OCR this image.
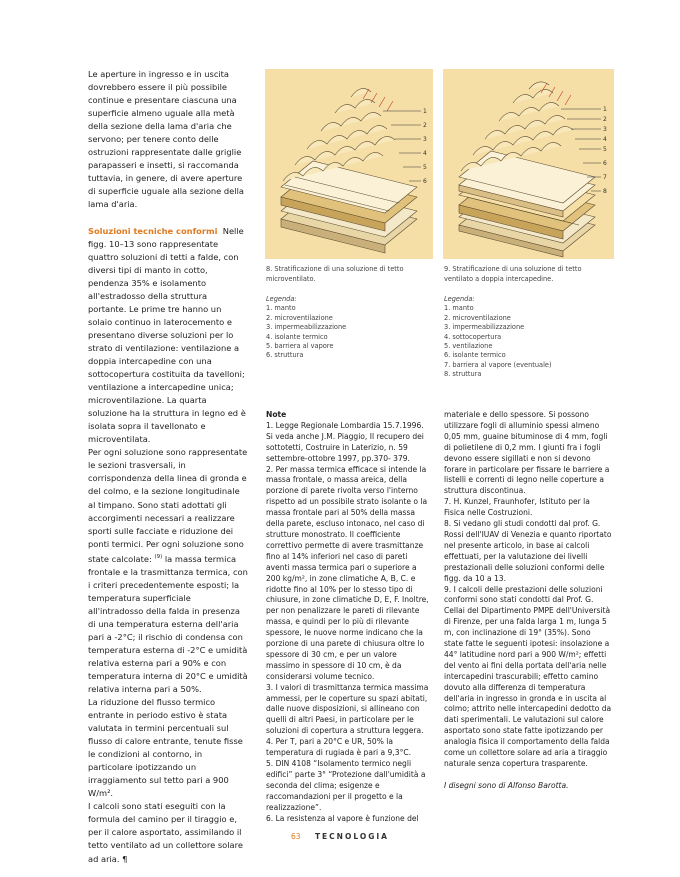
Le aperture in ingresso e in uscita dovrebbero essere il più possibile continue e presentare ciascuna una superficie almeno uguale alla metà della sezione della lama d'aria che servono; per tenere conto delle ostruzioni rappresentate dalle griglie parapasseri e insetti, si raccomanda tuttavia, in genere, di avere aperture di superficie uguale alla sezione della lama d'aria.

Soluzioni tecniche conformi Nelle figg. 10–13 sono rappresentate quattro soluzioni di tetti a falde, con diversi tipi di manto in cotto, pendenza 35% e isolamento all'estradosso della struttura portante. Le prime tre hanno un solaio continuo in laterocemento e presentano diverse soluzioni per lo strato di ventilazione: ventilazione a doppia intercapedine con una sottocopertura costituita da tavelloni; ventilazione a intercapedine unica; microventilazione. La quarta soluzione ha la struttura in legno ed è isolata sopra il tavellonato e microventilata.

Per ogni soluzione sono rappresentate le sezioni trasversali, in corrispondenza della linea di gronda e del colmo, e la sezione longitudinale al timpano. Sono stati adottati gli accorgimenti necessari a realizzare sporti sulle facciate e riduzione dei ponti termici. Per ogni soluzione sono state calcolate: $^{(9)}$ la massa termica frontale e la trasmittanza termica, con i criteri precedentemente esposti; la temperatura superficiale all'intradosso della falda in presenza di una temperatura esterna dell'aria pari a -2°C; il rischio di condensa con temperatura esterna di -2°C e umidità relativa esterna pari a 90% e con temperatura interna di 20°C e umidità relativa interna pari a 50%.

La riduzione del flusso termico entrante in periodo estivo è stata valutata in termini percentuali sul flusso di calore entrante, tenute fisse le condizioni al contorno, in particolare ipotizzando un irraggiamento sul tetto pari a 900 W/m².

I calcoli sono stati eseguiti con la formula del camino per il tiraggio e, per il calore asportato, assimilando il tetto ventilato ad un collettore solare ad aria. ¶

1
2
3
4
5
6
1
2
3
4
5
6
7
8
8. Stratificazione di una soluzione di tetto microventilato.
9. Stratificazione di una soluzione di tetto ventilato a doppia intercapedine.
Legenda:
1. manto
2. microventilazione
3. impermeabilizzazione
4. isolante termico
5. barriera al vapore
6. struttura
Legenda:
1. manto
2. microventilazione
3. impermeabilizzazione
4. sottocopertura
5. ventilazione
6. isolante termico
7. barriera al vapore (eventuale)
8. struttura

Note

1. Legge Regionale Lombardia 15.7.1996. Si veda anche J.M. Piaggio, Il recupero dei sottotetti, Costruire in Laterizio, n. 59 settembre-ottobre 1997, pp.370- 379.

2. Per massa termica efficace si intende la massa frontale, o massa areica, della porzione di parete rivolta verso l'interno rispetto ad un possibile strato isolante o la massa frontale pari al 50% della massa della parete, escluso intonaco, nel caso di strutture monostrato. Il coefficiente correttivo permette di avere trasmittanze fino al 14% inferiori nel caso di pareti aventi massa termica pari o superiore a 200 kg/m², in zone climatiche A, B, C. e ridotte fino al 10% per lo stesso tipo di chiusure, in zone climatiche D, E, F. Inoltre, per non penalizzare le pareti di rilevante massa, e quindi per lo più di rilevante spessore, le nuove norme indicano che la porzione di una parete di chiusura oltre lo spessore di 30 cm, e per un valore massimo in spessore di 10 cm, è da considerarsi volume tecnico.

3. I valori di trasmittanza termica massima ammessi, per le coperture su spazi abitati, dalle nuove disposizioni, si allineano con quelli di altri Paesi, in particolare per le soluzioni di copertura a struttura leggera.

4. Per T, pari a 20°C e UR, 50% la temperatura di rugiada è pari a 9,3°C.

5. DIN 4108 “Isolamento termico negli edifici” parte 3° “Protezione dall'umidità a seconda del clima; esigenze e raccomandazioni per il progetto e la realizzazione”.

6. La resistenza al vapore è funzione del

materiale e dello spessore. Si possono utilizzare fogli di alluminio spessi almeno 0,05 mm, guaine bituminose di 4 mm, fogli di polietilene di 0,2 mm. I giunti fra i fogli devono essere sigillati e non si devono forare in particolare per fissare le barriere a listelli e correnti di legno nelle coperture a struttura discontinua.

7. H. Kunzel, Fraunhofer, Istituto per la Fisica nelle Costruzioni.

8. Si vedano gli studi condotti dal prof. G. Rossi dell'IUAV di Venezia e quanto riportato nel presente articolo, in base ai calcoli effettuati, per la valutazione dei livelli prestazionali delle soluzioni conformi delle figg. da 10 a 13.

9. I calcoli delle prestazioni delle soluzioni conformi sono stati condotti dal Prof. G. Cellai del Dipartimento PMPE dell'Università di Firenze, per una falda larga 1 m, lunga 5 m, con inclinazione di 19° (35%). Sono state fatte le seguenti ipotesi: insolazione a 44° latitudine nord pari a 900 W/m²; effetti del vento ai fini della portata dell'aria nelle intercapedini trascurabili; effetto camino dovuto alla differenza di temperatura dell'aria in ingresso in gronda e in uscita al colmo; attrito nelle intercapedini dedotto da dati sperimentali. Le valutazioni sul calore asportato sono state fatte ipotizzando per analogia fisica il comportamento della falda come un collettore solare ad aria a tiraggio naturale senza copertura trasparente.

I disegni sono di Alfonso Barotta.

63 TECNOLOGIA
